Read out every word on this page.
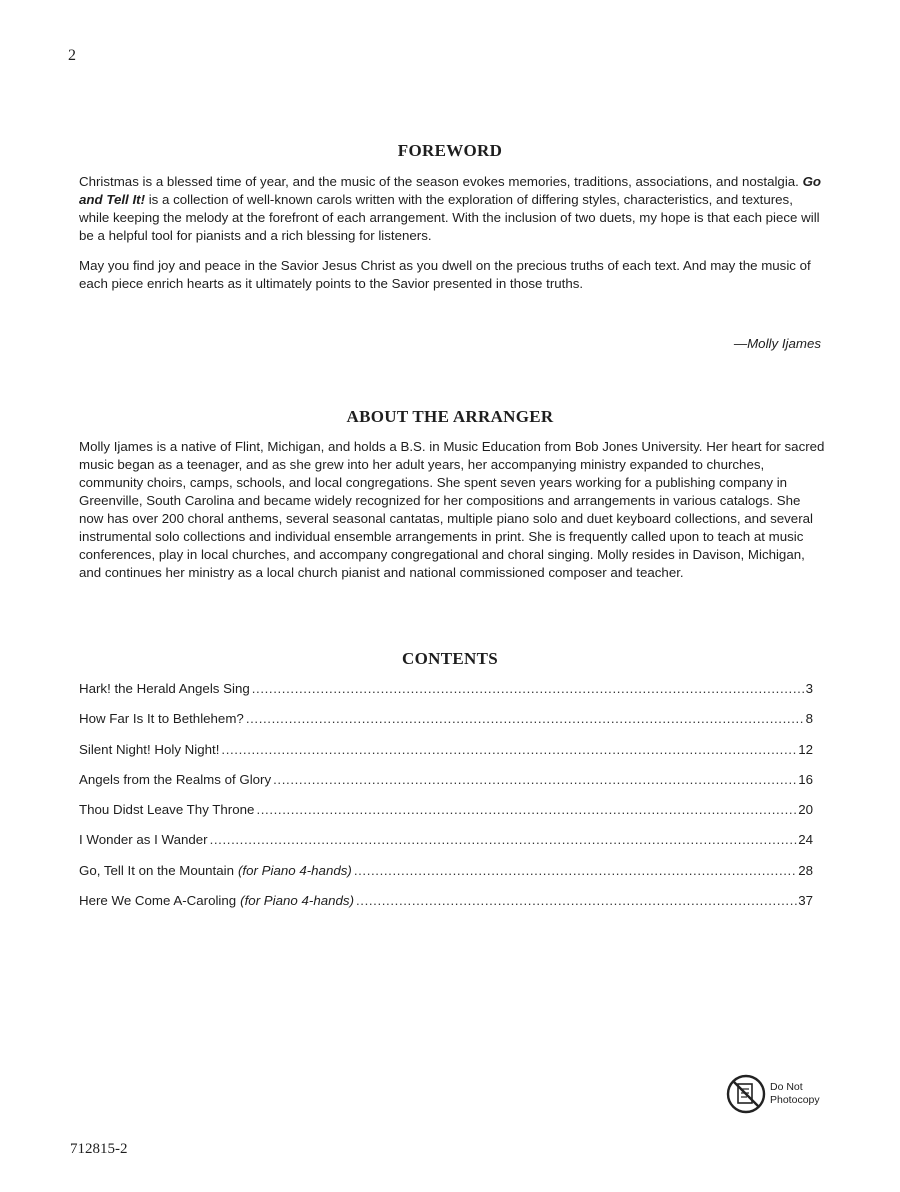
2
FOREWORD

Christmas is a blessed time of year, and the music of the season evokes memories, traditions, associations, and nostalgia. Go and Tell It! is a collection of well-known carols written with the exploration of differing styles, characteristics, and textures, while keeping the melody at the forefront of each arrangement. With the inclusion of two duets, my hope is that each piece will be a helpful tool for pianists and a rich blessing for listeners.

May you find joy and peace in the Savior Jesus Christ as you dwell on the precious truths of each text. And may the music of each piece enrich hearts as it ultimately points to the Savior presented in those truths.

—Molly Ijames
ABOUT THE ARRANGER

Molly Ijames is a native of Flint, Michigan, and holds a B.S. in Music Education from Bob Jones University. Her heart for sacred music began as a teenager, and as she grew into her adult years, her accompanying ministry expanded to churches, community choirs, camps, schools, and local congregations. She spent seven years working for a publishing company in Greenville, South Carolina and became widely recognized for her compositions and arrangements in various catalogs. She now has over 200 choral anthems, several seasonal cantatas, multiple piano solo and duet keyboard collections, and several instrumental solo collections and individual ensemble arrangements in print. She is frequently called upon to teach at music conferences, play in local churches, and accompany congregational and choral singing. Molly resides in Davison, Michigan, and continues her ministry as a local church pianist and national commissioned composer and teacher.

CONTENTS
Hark! the Herald Angels Sing .....	3
How Far Is It to Bethlehem? .....	8
Silent Night! Holy Night! .....	12
Angels from the Realms of Glory .....	16
Thou Didst Leave Thy Throne .....	20
I Wonder as I Wander .....	24
Go, Tell It on the Mountain (for Piano 4-hands) .....	28
Here We Come A-Caroling (for Piano 4-hands) .....	37
Do Not
Photocopy
712815-2
